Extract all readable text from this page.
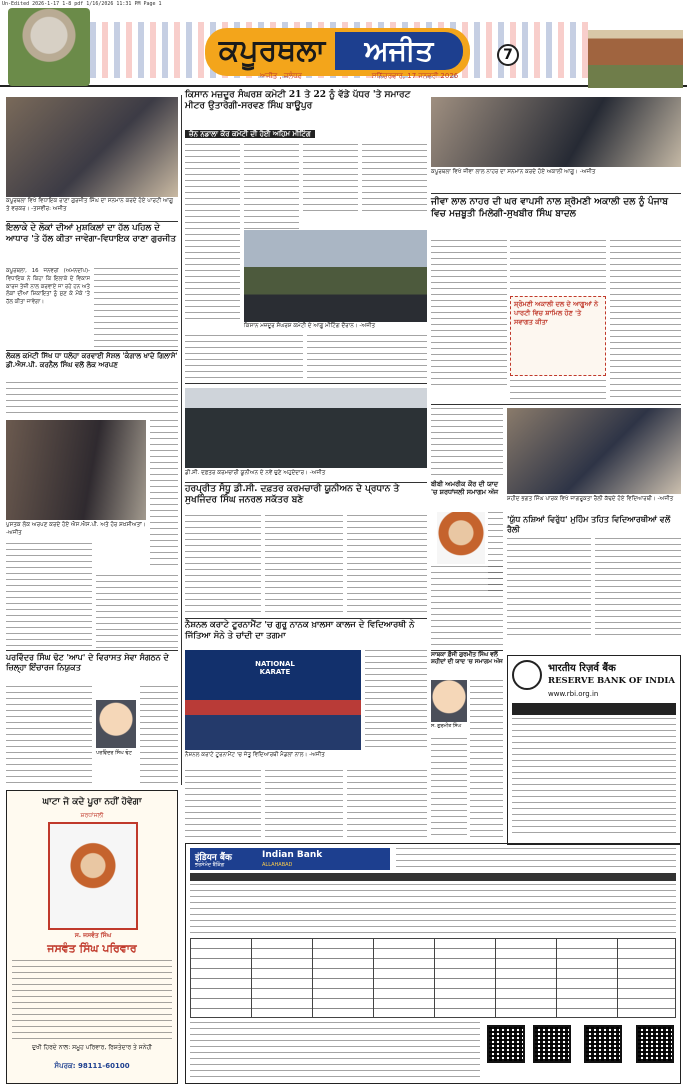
Un-Edited 2026-1-17 1-8 pdf 1/16/2026 11:31 PM Page 1
ਕਪੂਰਥਲਾ	ਅਜੀਤ
ਅਜੀਤ , ਜਲੰਧਰ	ਸ਼ਨਿੱਚਰਵਾਰ, 17 ਜਨਵਰੀ 2026
7
ਕਪੂਰਥਲਾ ਵਿਖੇ ਵਿਧਾਇਕ ਰਾਣਾ ਗੁਰਜੀਤ ਸਿੰਘ ਦਾ ਸਨਮਾਨ ਕਰਦੇ ਹੋਏ ਪਾਰਟੀ ਆਗੂ ਤੇ ਵਰਕਰ। -ਤਸਵੀਰ: ਅਜੀਤ
ਇਲਾਕੇ ਦੇ ਲੋਕਾਂ ਦੀਆਂ ਮੁਸ਼ਕਿਲਾਂ ਦਾ ਹੱਲ ਪਹਿਲ ਦੇ ਆਧਾਰ 'ਤੇ ਹੱਲ ਕੀਤਾ ਜਾਵੇਗਾ-ਵਿਧਾਇਕ ਰਾਣਾ ਗੁਰਜੀਤ
ਕਪੂਰਥਲਾ, 16 ਜਨਵਰੀ (ਅਮਨਦੀਪ)-ਵਿਧਾਇਕ ਨੇ ਕਿਹਾ ਕਿ ਇਲਾਕੇ ਦੇ ਵਿਕਾਸ ਕਾਰਜ ਤੇਜ਼ੀ ਨਾਲ ਕਰਵਾਏ ਜਾ ਰਹੇ ਹਨ ਅਤੇ ਲੋਕਾਂ ਦੀਆਂ ਸ਼ਿਕਾਇਤਾਂ ਨੂੰ ਸੁਣ ਕੇ ਮੌਕੇ 'ਤੇ ਹੱਲ ਕੀਤਾ ਜਾਵੇਗਾ।
ਲੋਕਲ ਕਮੇਟੀ ਸਿੱਖ ਧਾ ਧਲੋਹਾ ਕਰਵਾਈ ਸੋਸ਼ਲ 'ਕੰਗਾਲ ਖਾਦੇ ਗਿਲਾਸੇ' ਡੀ.ਐਸ.ਪੀ. ਕਰਨੈਲ ਸਿੰਘ ਵਲੋਂ ਲੋਕ ਅਰਪਣ
ਪੁਸਤਕ ਲੋਕ ਅਰਪਣ ਕਰਦੇ ਹੋਏ ਐਸ.ਐਸ.ਪੀ. ਅਤੇ ਹੋਰ ਸ਼ਖ਼ਸੀਅਤਾਂ। -ਅਜੀਤ
ਪਰਵਿੰਦਰ ਸਿੰਘ ਢੋਟ 'ਆਪ' ਦੇ ਵਿਰਾਸਤ ਸੇਵਾ ਸੰਗਠਨ ਦੇ ਜ਼ਿਲ੍ਹਾ ਇੰਚਾਰਜ ਨਿਯੁਕਤ
ਪਰਵਿੰਦਰ ਸਿੰਘ ਢੋਟ
ਘਾਟਾ ਜੋ ਕਦੇ ਪੂਰਾ ਨਹੀਂ ਹੋਵੇਗਾ
ਸ਼ਰਧਾਂਜਲੀ
ਸ. ਜਸਵੰਤ ਸਿੰਘ
ਜਸਵੰਤ ਸਿੰਘ ਪਰਿਵਾਰ
ਦੁਖੀ ਹਿਰਦੇ ਨਾਲ: ਸਮੂਹ ਪਰਿਵਾਰ, ਰਿਸ਼ਤੇਦਾਰ ਤੇ ਸਨੇਹੀ
ਸੰਪਰਕ: 98111-60100
ਕਿਸਾਨ ਮਜ਼ਦੂਰ ਸੰਘਰਸ਼ ਕਮੇਟੀ 21 ਤੇ 22 ਨੂੰ ਵੱਡੇ ਪੱਧਰ 'ਤੇ ਸਮਾਰਟ ਮੀਟਰ ਉਤਾਰੇਗੀ-ਸਰਵਣ ਸਿੰਘ ਬਾਊਪੁਰ
ਜ਼ੋਨ ਨਡਾਲਾ ਕੋਰ ਕਮੇਟੀ ਦੀ ਹੋਈ ਅਹਿਮ ਮੀਟਿੰਗ
ਕਿਸਾਨ ਮਜ਼ਦੂਰ ਸੰਘਰਸ਼ ਕਮੇਟੀ ਦੇ ਆਗੂ ਮੀਟਿੰਗ ਦੌਰਾਨ। -ਅਜੀਤ
ਕਪੂਰਥਲਾ ਵਿਖੇ ਜੀਵਾ ਲਾਲ ਨਾਹਰ ਦਾ ਸਨਮਾਨ ਕਰਦੇ ਹੋਏ ਅਕਾਲੀ ਆਗੂ। -ਅਜੀਤ
ਜੀਵਾ ਲਾਲ ਨਾਹਰ ਦੀ ਘਰ ਵਾਪਸੀ ਨਾਲ ਸ਼੍ਰੋਮਣੀ ਅਕਾਲੀ ਦਲ ਨੂੰ ਪੰਜਾਬ ਵਿਚ ਮਜ਼ਬੂਤੀ ਮਿਲੇਗੀ-ਸੁਖਬੀਰ ਸਿੰਘ ਬਾਦਲ
ਸ਼੍ਰੋਮਣੀ ਅਕਾਲੀ ਦਲ ਦੇ ਆਗੂਆਂ ਨੇ ਪਾਰਟੀ ਵਿਚ ਸ਼ਾਮਿਲ ਹੋਣ 'ਤੇ ਸਵਾਗਤ ਕੀਤਾ
ਡੀ.ਸੀ. ਦਫ਼ਤਰ ਕਰਮਚਾਰੀ ਯੂਨੀਅਨ ਦੇ ਨਵੇਂ ਚੁਣੇ ਅਹੁਦੇਦਾਰ। -ਅਜੀਤ
ਹਰਪ੍ਰੀਤ ਸੰਧੂ ਡੀ.ਸੀ. ਦਫ਼ਤਰ ਕਰਮਚਾਰੀ ਯੂਨੀਅਨ ਦੇ ਪ੍ਰਧਾਨ ਤੇ ਸੁਖਜਿੰਦਰ ਸਿੰਘ ਜਨਰਲ ਸਕੱਤਰ ਬਣੇ
ਨੈਸ਼ਨਲ ਕਰਾਟੇ ਟੂਰਨਾਮੈਂਟ 'ਚ ਗੁਰੂ ਨਾਨਕ ਖ਼ਾਲਸਾ ਕਾਲਜ ਦੇ ਵਿਦਿਆਰਥੀ ਨੇ ਜਿੱਤਿਆ ਸੋਨੇ ਤੇ ਚਾਂਦੀ ਦਾ ਤਗਮਾ
NATIONAL KARATE
ਨੈਸ਼ਨਲ ਕਰਾਟੇ ਟੂਰਨਾਮੈਂਟ 'ਚ ਜੇਤੂ ਵਿਦਿਆਰਥੀ ਮੈਡਲਾਂ ਨਾਲ। -ਅਜੀਤ
ਸ਼ਹੀਦ ਭਗਤ ਸਿੰਘ ਪਾਰਕ ਵਿਖੇ ਜਾਗਰੂਕਤਾ ਰੈਲੀ ਕੱਢਦੇ ਹੋਏ ਵਿਦਿਆਰਥੀ। -ਅਜੀਤ
ਬੀਬੀ ਅਮਰੀਕ ਕੌਰ ਦੀ ਯਾਦ 'ਚ ਸ਼ਰਧਾਂਜਲੀ ਸਮਾਗਮ ਅੱਜ
'ਯੁੱਧ ਨਸ਼ਿਆਂ ਵਿਰੁੱਧ' ਮੁਹਿੰਮ ਤਹਿਤ ਵਿਦਿਆਰਥੀਆਂ ਵਲੋਂ ਰੈਲੀ
ਸਾਬਕਾ ਫ਼ੌਜੀ ਗੁਰਮੀਤ ਸਿੰਘ ਵਲੋਂ ਸ਼ਹੀਦਾਂ ਦੀ ਯਾਦ 'ਚ ਸਮਾਗਮ ਅੱਜ
ਸ. ਗੁਰਮੀਤ ਸਿੰਘ
भारतीय रिज़र्व बैंक
RESERVE BANK OF INDIA
www.rbi.org.in
इंडियन बैंक	Indian Bank
ALLAHABAD
ਭਰੋਸੇਮੰਦ ਬੈਂਕਿੰਗ
